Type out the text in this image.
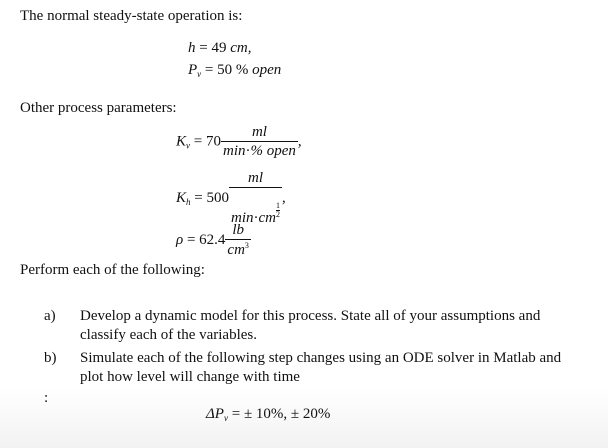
The normal steady-state operation is:
h = 49 cm,
$P_v = 50$ % open
Other process parameters:
$K_v = 70 \frac{ml}{\text{min·\% open}}$ ,
$K_h = 500 \frac{ml}{\min\cdot cm \frac{1}{2}}$ ,
$\rho = 62.4 \frac{lb}{cm^3}$
Perform each of the following:
a) Develop a dynamic model for this process. State all of your assumptions and
classify each of the variables.
b) Simulate each of the following step changes using an ODE solver in Matlab and
plot how level will change with time
:
$\Delta P_v$ = ± 10%, ± 20%
